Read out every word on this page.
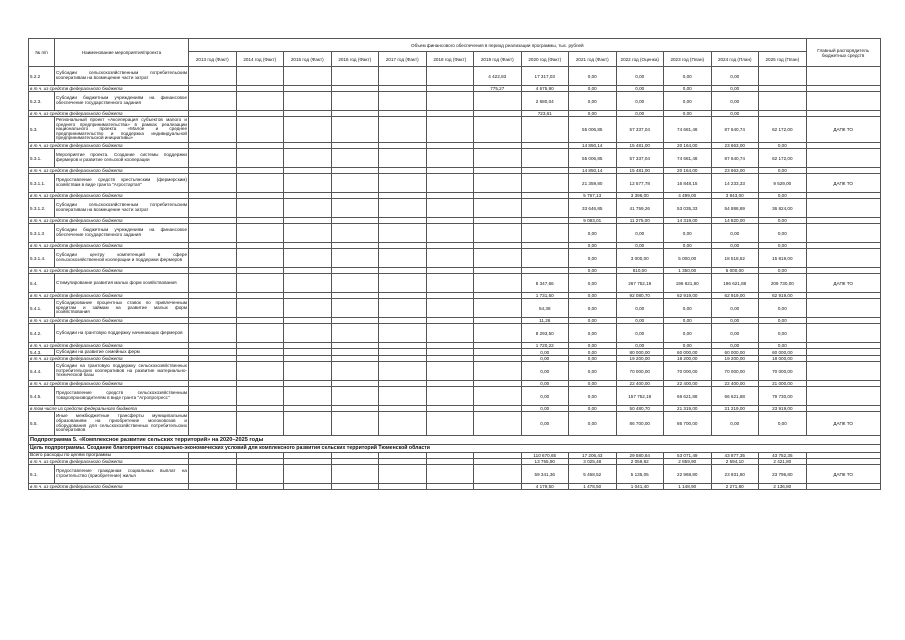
№ п/п	Наименование мероприятия/проекта	Объем финансового обеспечения в период реализации программы, тыс. рублей													Главный распорядитель бюджетных средств
		2013 год (Факт)	2014 год (Факт)	2015 год (Факт)	2016 год (Факт)	2017 год (Факт)	2018 год (Факт)	2019 год (Факт)	2020 год (Факт)	2021 год (Факт)	2022 год (Оценка)	2023 год (План)	2024 год (План)	2025 год (План)	
5.2.2	Субсидии сельскохозяйственным потребительским кооперативам на возмещение части затрат							4 422,83	17 317,03	0,00	0,00	0,00	0,00		
в т.ч. из средств федерального бюджета								775,27	4 675,90	0,00	0,00	0,00	0,00		
5.2.3.	Субсидии бюджетным учреждениям на финансовое обеспечение государственного задания								2 680,04	0,00	0,00	0,00	0,00		
в т.ч. из средств федерального бюджета									723,61	0,00	0,00	0,00	0,00		
5.3.	Региональный проект «Акселерация субъектов малого и среднего предпринимательства» в рамках реализации национального проекта «Малое и среднее предпринимательство и поддержка индивидуальной предпринимательской инициативы»									55 006,85	57 337,04	74 681,48	87 640,74	62 172,00	ДАПК ТО
в т.ч. из средств федерального бюджета										14 850,14	15 481,00	20 164,00	23 663,00	0,00	
5.3.1.	Мероприятие проекта. Создание системы поддержки фермеров и развитие сельской кооперации									55 006,85	57 337,04	74 681,48	87 640,74	62 172,00	
в т.ч. из средств федерального бюджета										14 850,14	15 481,00	20 164,00	23 663,00	0,00	
5.3.1.1.	Предоставление средств крестьянским (фермерским) хозяйствам в виде гранта "Агростартап"									21 359,80	12 577,78	16 848,15	14 233,33	9 529,00	ДАПК ТО
в т.ч. из средств федерального бюджета										5 767,13	3 396,00	4 499,00	3 843,00	0,00	
5.3.1.2.	Субсидии сельскохозяйственным потребительским кооперативам на возмещение части затрат									33 646,85	41 759,26	53 035,33	54 888,89	36 824,00	
в т.ч. из средств федерального бюджета										9 083,01	11 275,00	14 319,00	14 820,00	0,00	
5.3.1.3	Субсидии бюджетным учреждениям на финансовое обеспечение государственного задания									0,00	0,00	0,00	0,00	0,00	
в т.ч. из средств федерального бюджета										0,00	0,00	0,00	0,00	0,00	
5.3.1.4.	Субсидии центру компетенций в сфере сельскохозяйственной кооперации и поддержки фермеров									0,00	3 000,00	5 000,00	18 518,52	15 819,00	
в т.ч. из средств федерального бюджета										0,00	810,00	1 350,00	5 000,00	0,00	
5.4.	Стимулирование развития малых форм хозяйствования								8 347,66	0,00	267 752,19	196 621,80	196 621,88	209 730,00	ДАПК ТО
в т.ч. из средств федерального бюджета									1 731,50	0,00	92 080,70	62 919,00	62 919,00	62 919,00	
5.4.1.	Субсидирование процентных ставок по привлеченным кредитам и займам на развитие малых форм хозяйствования								54,38	0,00	0,00	0,00	0,00	0,00	
в т.ч. из средств федерального бюджета									11,26	0,00	0,00	0,00	0,00	0,00	
5.4.2.	Субсидии на грантовую поддержку начинающих фермеров								8 293,50	0,00	0,00	0,00	0,00	0,00	
в т.ч. из средств федерального бюджета									1 720,22	0,00	0,00	0,00	0,00	0,00	
5.4.3.	Субсидии на развитие семейных ферм								0,00	0,00	80 000,00	60 000,00	60 000,00	60 000,00	
в т.ч. из средств федерального бюджета									0,00	0,00	19 200,00	18 200,00	19 200,00	18 000,00	
5.4.4.	Субсидии на грантовую поддержку сельскохозяйственных потребительских кооперативов на развитие материально-технической базы								0,00	0,00	70 000,00	70 000,00	70 000,00	70 000,00	
в т.ч. из средств федерального бюджета									0,00	0,00	22 400,00	22 400,00	22 400,00	21 000,00	
5.4.5.	Предоставление средств сельскохозяйственным товаропроизводителям в виде гранта "Агропрогресс"								0,00	0,00	157 752,19	66 621,88	66 621,88	79 730,00	
в том числе из средств федерального бюджета									0,00	0,00	50 480,70	21 319,00	21 319,00	23 919,00	
5.5.	Иные межбюджетные трансферты муниципальным образованиям на приобретение молоковозов и оборудования для сельскохозяйственных потребительских кооперативов								0,00	0,00	86 700,00	86 700,00	0,00	0,00	ДАПК ТО
Подпрограмма 5. «Комплексное развитие сельских территорий» на 2020–2025 годы															
Цель подпрограммы. Создание благоприятных социально-экономических условий для комплексного развития сельских территорий Тюменской области															
Всего расходы по целям программы									110 670,65	17 206,43	29 580,84	53 071,49	43 877,35	43 752,35	
в т.ч. из средств федерального бюджета									13 755,90	3 025,48	2 059,82	2 859,90	2 594,10	2 421,80	
6.1.	Предоставление гражданам социальных выплат на строительство (приобретение) жилья								59 341,36	5 468,52	5 135,05	22 968,80	23 931,80	23 796,80	ДАПК ТО
в т.ч. из средств федерального бюджета									4 179,50	1 478,50	1 041,40	1 148,90	2 271,80	2 136,80	
